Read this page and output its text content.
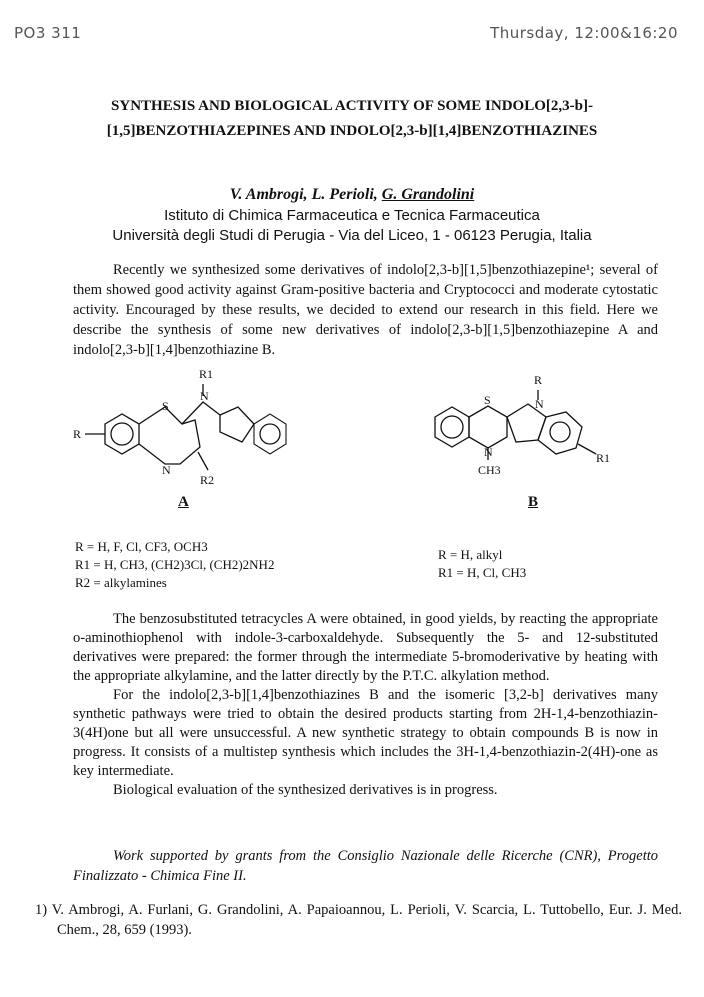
PO3 311	Thursday, 12:00&16:20
SYNTHESIS AND BIOLOGICAL ACTIVITY OF SOME INDOLO[2,3-b]-
[1,5]BENZOTHIAZEPINES AND INDOLO[2,3-b][1,4]BENZOTHIAZINES
V. Ambrogi, L. Perioli, G. Grandolini
Istituto di Chimica Farmaceutica e Tecnica Farmaceutica
Università degli Studi di Perugia - Via del Liceo, 1 - 06123 Perugia, Italia

Recently we synthesized some derivatives of indolo[2,3-b][1,5]benzothiazepine¹; several of them showed good activity against Gram-positive bacteria and Cryptococci and moderate cytostatic activity. Encouraged by these results, we decided to extend our research in this field. Here we describe the synthesis of some new derivatives of indolo[2,3-b][1,5]benzothiazepine A and indolo[2,3-b][1,4]benzothiazine B.

R
S
N
R1
N
R2
A
S
R
N
N
CH3
R1
B
R = H, F, Cl, CF3, OCH3
R1 = H, CH3, (CH2)3Cl, (CH2)2NH2
R2 = alkylamines
R = H, alkyl
R1 = H, Cl, CH3

The benzosubstituted tetracycles A were obtained, in good yields, by reacting the appropriate o-aminothiophenol with indole-3-carboxaldehyde. Subsequently the 5- and 12-substituted derivatives were prepared: the former through the intermediate 5-bromoderivative by heating with the appropriate alkylamine, and the latter directly by the P.T.C. alkylation method.

For the indolo[2,3-b][1,4]benzothiazines B and the isomeric [3,2-b] derivatives many synthetic pathways were tried to obtain the desired products starting from 2H-1,4-benzothiazin-3(4H)one but all were unsuccessful. A new synthetic strategy to obtain compounds B is now in progress. It consists of a multistep synthesis which includes the 3H-1,4-benzothiazin-2(4H)-one as key intermediate.

Biological evaluation of the synthesized derivatives is in progress.

Work supported by grants from the Consiglio Nazionale delle Ricerche (CNR), Progetto Finalizzato - Chimica Fine II.
1) V. Ambrogi, A. Furlani, G. Grandolini, A. Papaioannou, L. Perioli, V. Scarcia, L. Tuttobello, Eur. J. Med. Chem., 28, 659 (1993).
